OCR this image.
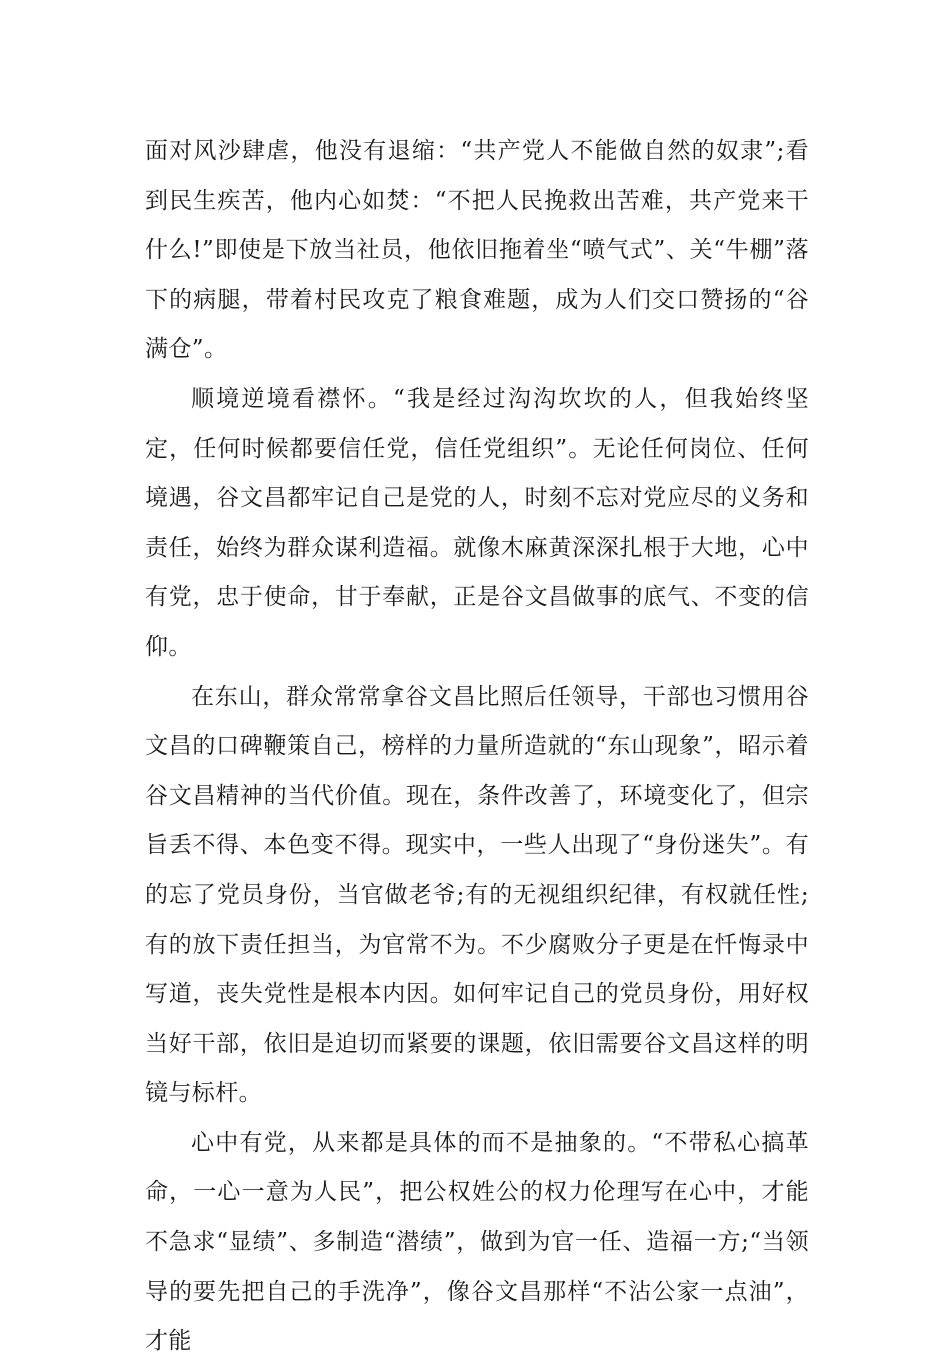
面对风沙肆虐，他没有退缩：“共产党人不能做自然的奴隶”;看到民生疾苦，他内心如焚：“不把人民挽救出苦难，共产党来干什么!”即使是下放当社员，他依旧拖着坐“喷气式”、关“牛棚”落下的病腿，带着村民攻克了粮食难题，成为人们交口赞扬的“谷满仓”。

顺境逆境看襟怀。“我是经过沟沟坎坎的人，但我始终坚定，任何时候都要信任党，信任党组织”。无论任何岗位、任何境遇，谷文昌都牢记自己是党的人，时刻不忘对党应尽的义务和责任，始终为群众谋利造福。就像木麻黄深深扎根于大地，心中有党，忠于使命，甘于奉献，正是谷文昌做事的底气、不变的信仰。

在东山，群众常常拿谷文昌比照后任领导，干部也习惯用谷文昌的口碑鞭策自己，榜样的力量所造就的“东山现象”，昭示着谷文昌精神的当代价值。现在，条件改善了，环境变化了，但宗旨丢不得、本色变不得。现实中，一些人出现了“身份迷失”。有的忘了党员身份，当官做老爷;有的无视组织纪律，有权就任性;有的放下责任担当，为官常不为。不少腐败分子更是在忏悔录中写道，丧失党性是根本内因。如何牢记自己的党员身份，用好权当好干部，依旧是迫切而紧要的课题，依旧需要谷文昌这样的明镜与标杆。

心中有党，从来都是具体的而不是抽象的。“不带私心搞革命，一心一意为人民”，把公权姓公的权力伦理写在心中，才能不急求“显绩”、多制造“潜绩”，做到为官一任、造福一方;“当领导的要先把自己的手洗净”，像谷文昌那样“不沾公家一点油”，才能
